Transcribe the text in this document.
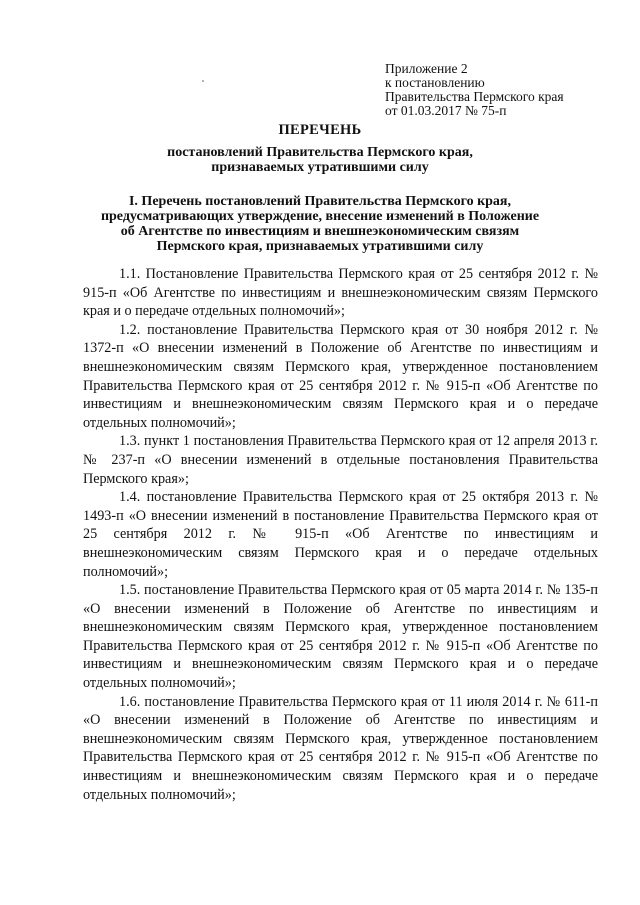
Приложение 2
к постановлению
Правительства Пермского края
от 01.03.2017 № 75-п
ПЕРЕЧЕНЬ
постановлений Правительства Пермского края,
признаваемых утратившими силу
I. Перечень постановлений Правительства Пермского края,
предусматривающих утверждение, внесение изменений в Положение
об Агентстве по инвестициям и внешнеэкономическим связям
Пермского края, признаваемых утратившими силу

1.1. Постановление Правительства Пермского края от 25 сентября 2012 г. № 915-п «Об Агентстве по инвестициям и внешнеэкономическим связям Пермского края и о передаче отдельных полномочий»;

1.2. постановление Правительства Пермского края от 30 ноября 2012 г. № 1372-п «О внесении изменений в Положение об Агентстве по инвестициям и внешнеэкономическим связям Пермского края, утвержденное постановлением Правительства Пермского края от 25 сентября 2012 г. № 915-п «Об Агентстве по инвестициям и внешнеэкономическим связям Пермского края и о передаче отдельных полномочий»;

1.3. пункт 1 постановления Правительства Пермского края от 12 апреля 2013 г. № 237-п «О внесении изменений в отдельные постановления Правительства Пермского края»;

1.4. постановление Правительства Пермского края от 25 октября 2013 г. № 1493-п «О внесении изменений в постановление Правительства Пермского края от 25 сентября 2012 г. № 915-п «Об Агентстве по инвестициям и внешнеэкономическим связям Пермского края и о передаче отдельных полномочий»;

1.5. постановление Правительства Пермского края от 05 марта 2014 г. № 135-п «О внесении изменений в Положение об Агентстве по инвестициям и внешнеэкономическим связям Пермского края, утвержденное постановлением Правительства Пермского края от 25 сентября 2012 г. № 915-п «Об Агентстве по инвестициям и внешнеэкономическим связям Пермского края и о передаче отдельных полномочий»;

1.6. постановление Правительства Пермского края от 11 июля 2014 г. № 611-п «О внесении изменений в Положение об Агентстве по инвестициям и внешнеэкономическим связям Пермского края, утвержденное постановлением Правительства Пермского края от 25 сентября 2012 г. № 915-п «Об Агентстве по инвестициям и внешнеэкономическим связям Пермского края и о передаче отдельных полномочий»;
